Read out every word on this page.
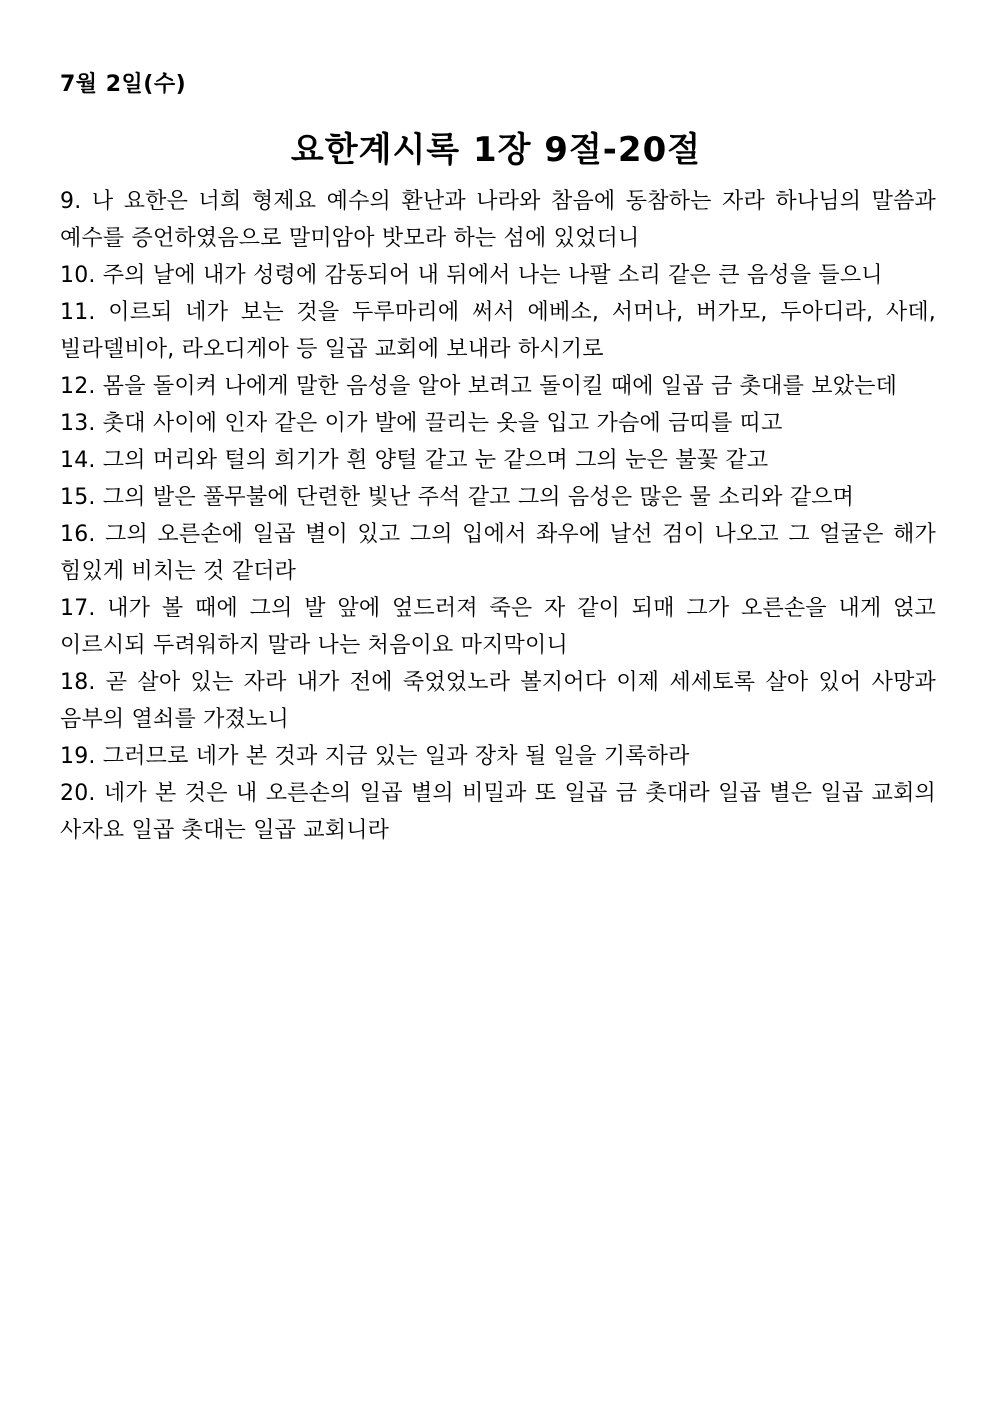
7월 2일(수)
요한계시록 1장 9절-20절
9. 나 요한은 너희 형제요 예수의 환난과 나라와 참음에 동참하는 자라 하나님의 말씀과 예수를 증언하였음으로 말미암아 밧모라 하는 섬에 있었더니
10. 주의 날에 내가 성령에 감동되어 내 뒤에서 나는 나팔 소리 같은 큰 음성을 들으니
11. 이르되 네가 보는 것을 두루마리에 써서 에베소, 서머나, 버가모, 두아디라, 사데, 빌라델비아, 라오디게아 등 일곱 교회에 보내라 하시기로
12. 몸을 돌이켜 나에게 말한 음성을 알아 보려고 돌이킬 때에 일곱 금 촛대를 보았는데
13. 촛대 사이에 인자 같은 이가 발에 끌리는 옷을 입고 가슴에 금띠를 띠고
14. 그의 머리와 털의 희기가 흰 양털 같고 눈 같으며 그의 눈은 불꽃 같고
15. 그의 발은 풀무불에 단련한 빛난 주석 같고 그의 음성은 많은 물 소리와 같으며
16. 그의 오른손에 일곱 별이 있고 그의 입에서 좌우에 날선 검이 나오고 그 얼굴은 해가 힘있게 비치는 것 같더라
17. 내가 볼 때에 그의 발 앞에 엎드러져 죽은 자 같이 되매 그가 오른손을 내게 얹고 이르시되 두려워하지 말라 나는 처음이요 마지막이니
18. 곧 살아 있는 자라 내가 전에 죽었었노라 볼지어다 이제 세세토록 살아 있어 사망과 음부의 열쇠를 가졌노니
19. 그러므로 네가 본 것과 지금 있는 일과 장차 될 일을 기록하라
20. 네가 본 것은 내 오른손의 일곱 별의 비밀과 또 일곱 금 촛대라 일곱 별은 일곱 교회의 사자요 일곱 촛대는 일곱 교회니라
